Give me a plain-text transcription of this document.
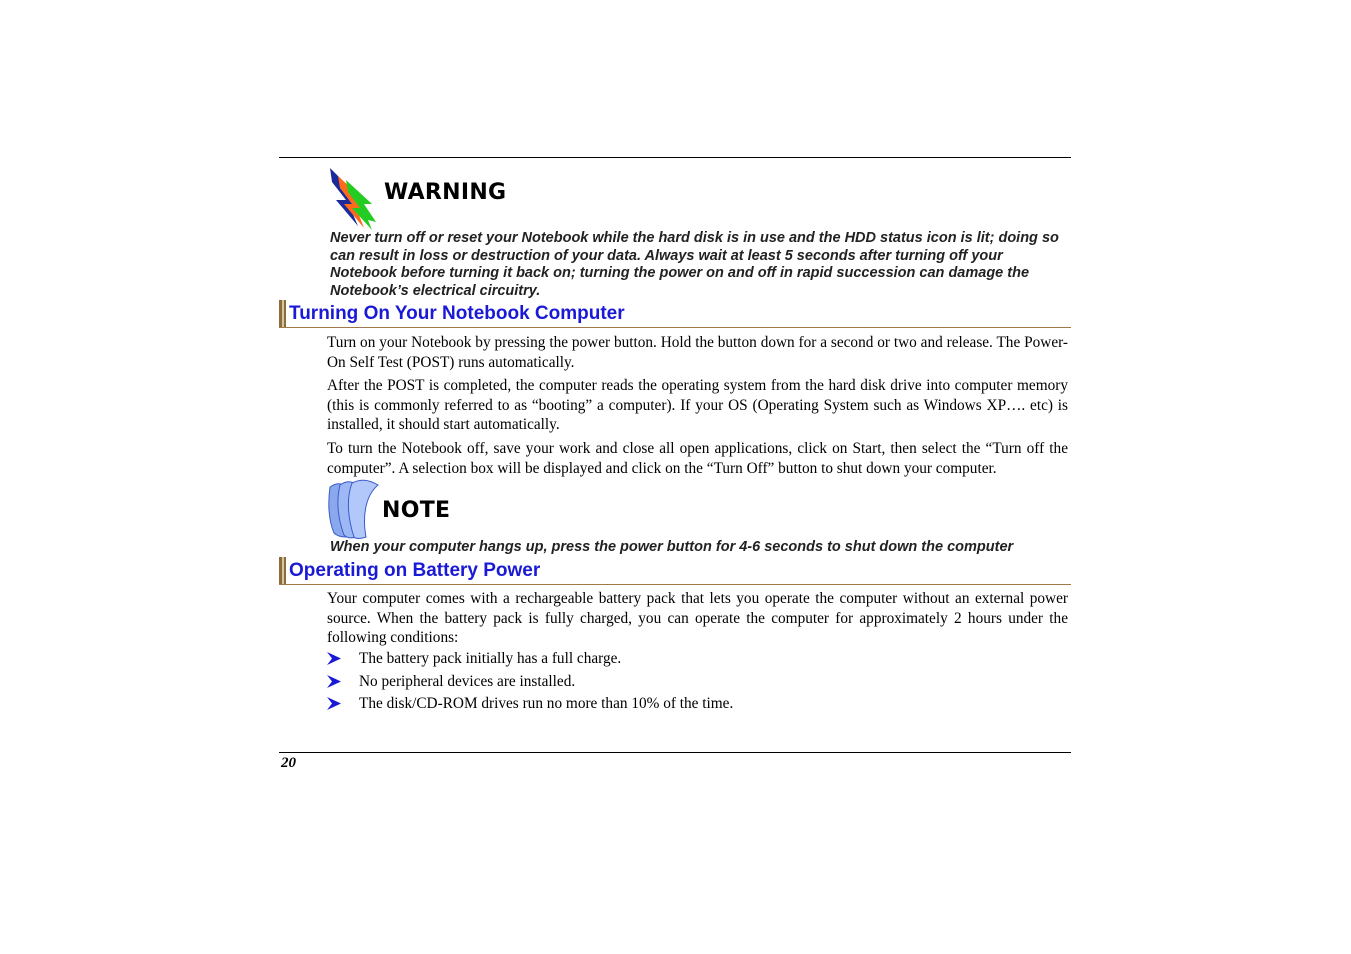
WARNING
Never turn off or reset your Notebook while the hard disk is in use and the HDD status icon is lit; doing so can result in loss or destruction of your data. Always wait at least 5 seconds after turning off your Notebook before turning it back on; turning the power on and off in rapid succession can damage the Notebook’s electrical circuitry.
Turning On Your Notebook Computer

Turn on your Notebook by pressing the power button. Hold the button down for a second or two and release. The Power-On Self Test (POST) runs automatically.

After the POST is completed, the computer reads the operating system from the hard disk drive into computer memory (this is commonly referred to as “booting” a computer). If your OS (Operating System such as Windows XP…. etc) is installed, it should start automatically.

To turn the Notebook off, save your work and close all open applications, click on Start, then select the “Turn off the computer”. A selection box will be displayed and click on the “Turn Off” button to shut down your computer.

NOTE
When your computer hangs up, press the power button for 4-6 seconds to shut down the computer
Operating on Battery Power

Your computer comes with a rechargeable battery pack that lets you operate the computer without an external power source. When the battery pack is fully charged, you can operate the computer for approximately 2 hours under the following conditions:

The battery pack initially has a full charge.
No peripheral devices are installed.
The disk/CD-ROM drives run no more than 10% of the time.
20
